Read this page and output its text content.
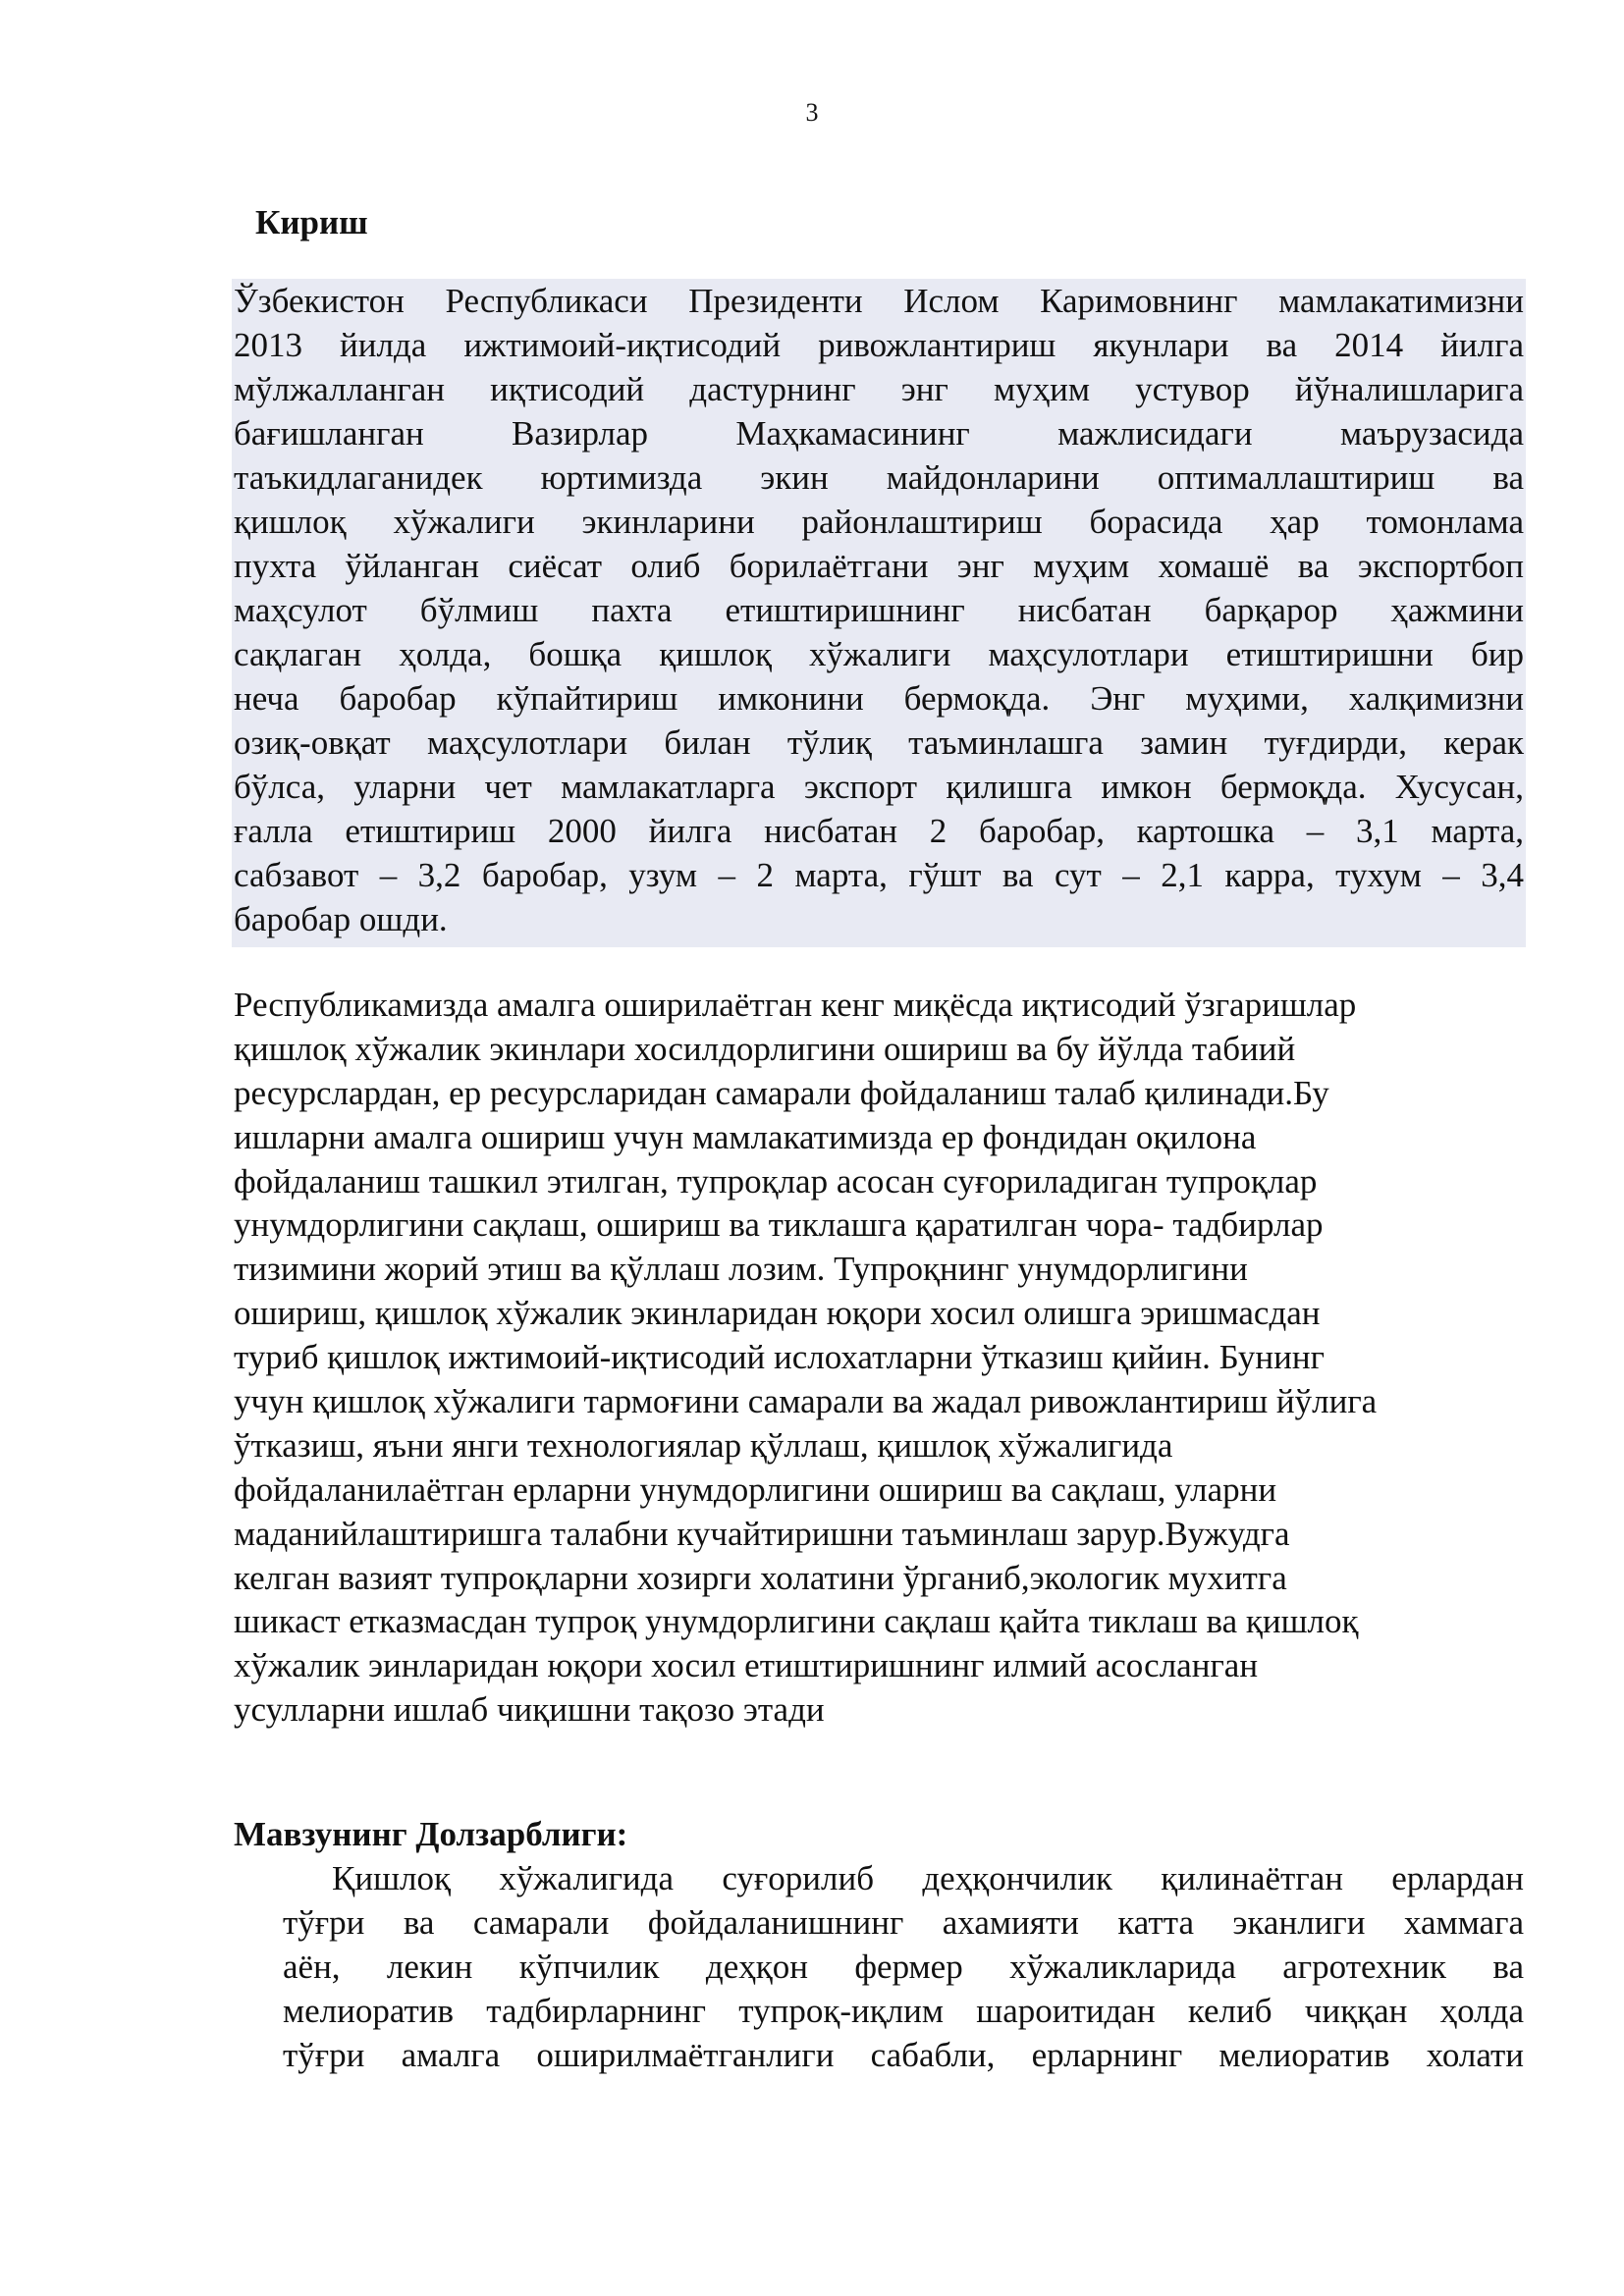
3
Кириш
Ўзбекистон Республикаси Президенти Ислом Каримовнинг мамлакатимизни
2013 йилда ижтимоий-иқтисодий ривожлантириш якунлари ва 2014 йилга
мўлжалланган иқтисодий дастурнинг энг муҳим устувор йўналишларига
бағишланган Вазирлар Маҳкамасининг мажлисидаги маърузасида
таъкидлаганидек юртимизда экин майдонларини оптималлаштириш ва
қишлоқ хўжалиги экинларини районлаштириш борасида ҳар томонлама
пухта ўйланган сиёсат олиб борилаётгани энг муҳим хомашё ва экспортбоп
маҳсулот бўлмиш пахта етиштиришнинг нисбатан барқарор ҳажмини
сақлаган ҳолда, бошқа қишлоқ хўжалиги маҳсулотлари етиштиришни бир
неча баробар кўпайтириш имконини бермоқда. Энг муҳими, халқимизни
озиқ-овқат маҳсулотлари билан тўлиқ таъминлашга замин туғдирди, керак
бўлса, уларни чет мамлакатларга экспорт қилишга имкон бермоқда. Хусусан,
ғалла етиштириш 2000 йилга нисбатан 2 баробар, картошка – 3,1 марта,
сабзавот – 3,2 баробар, узум – 2 марта, гўшт ва сут – 2,1 карра, тухум – 3,4
баробар ошди.
Республикамизда амалга оширилаётган кенг миқёсда иқтисодий ўзгаришлар
қишлоқ хўжалик экинлари хосилдорлигини ошириш ва бу йўлда табиий
ресурслардан, ер ресурсларидан самарали фойдаланиш талаб қилинади.Бу
ишларни амалга ошириш учун мамлакатимизда ер фондидан оқилона
фойдаланиш ташкил этилган, тупроқлар асосан суғориладиган тупроқлар
унумдорлигини сақлаш, ошириш ва тиклашга қаратилган чора- тадбирлар
тизимини жорий этиш ва қўллаш лозим. Тупроқнинг унумдорлигини
ошириш, қишлоқ хўжалик экинларидан юқори хосил олишга эришмасдан
туриб қишлоқ ижтимоий-иқтисодий ислохатларни ўтказиш қийин. Бунинг
учун қишлоқ хўжалиги тармоғини самарали ва жадал ривожлантириш йўлига
ўтказиш, яъни янги технологиялар қўллаш, қишлоқ хўжалигида
фойдаланилаётган ерларни унумдорлигини ошириш ва сақлаш, уларни
маданийлаштиришга талабни кучайтиришни таъминлаш зарур.Вужудга
келган вазият тупроқларни хозирги холатини ўрганиб,экологик мухитга
шикаст етказмасдан тупроқ унумдорлигини сақлаш қайта тиклаш ва қишлоқ
хўжалик эинларидан юқори хосил етиштиришнинг илмий асосланган
усулларни ишлаб чиқишни тақозо этади
Мавзунинг Долзарблиги:
Қишлоқ хўжалигида суғорилиб деҳқончилик қилинаётган ерлардан
тўғри ва самарали фойдаланишнинг ахамияти катта эканлиги хаммага
аён, лекин кўпчилик деҳқон фермер хўжаликларида агротехник ва
мелиоратив тадбирларнинг тупроқ-иқлим шароитидан келиб чиққан ҳолда
тўғри амалга оширилмаётганлиги сабабли, ерларнинг мелиоратив холати
